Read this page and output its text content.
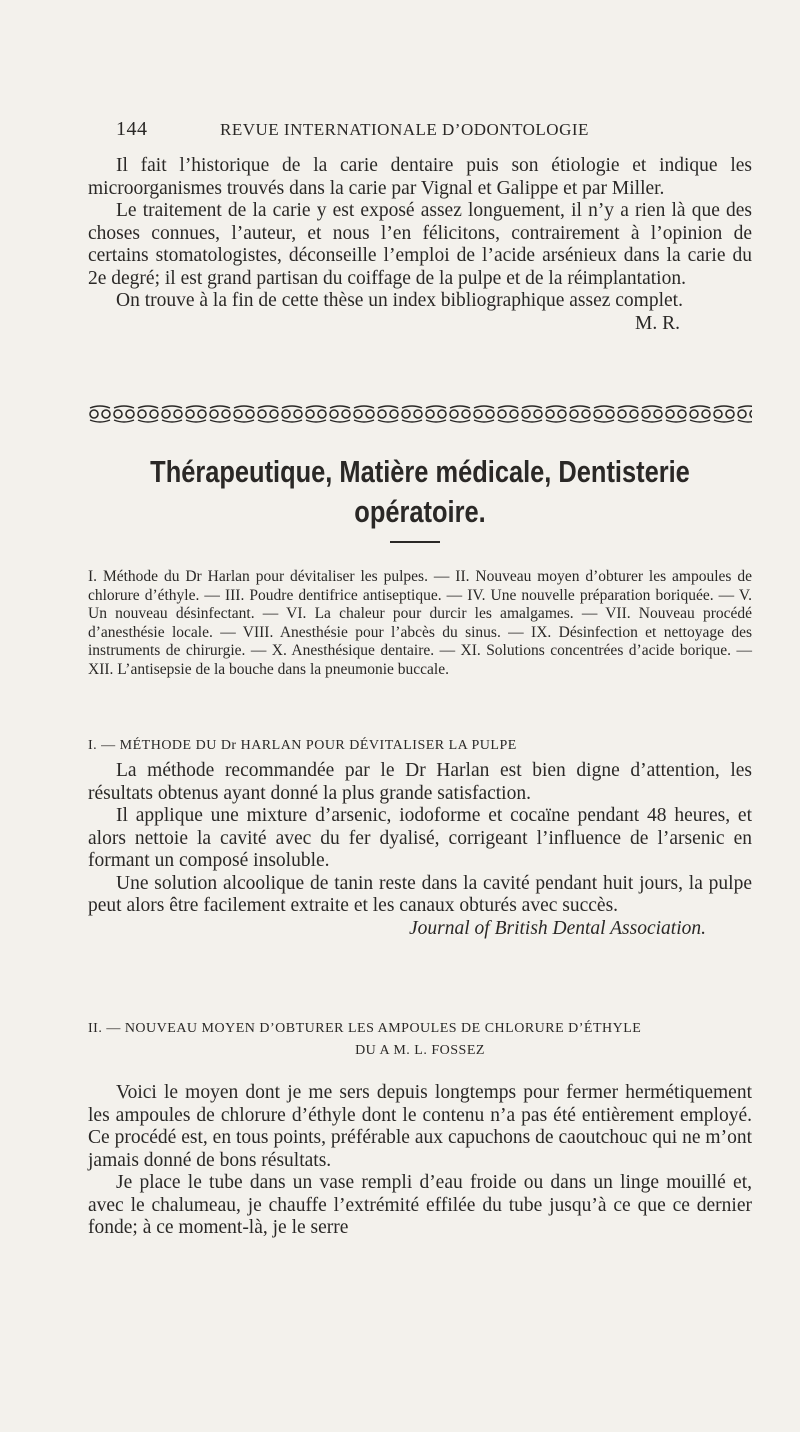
144	REVUE INTERNATIONALE D’ODONTOLOGIE

Il fait l’historique de la carie dentaire puis son étiologie et indique les microorganismes trouvés dans la carie par Vignal et Galippe et par Miller.

Le traitement de la carie y est exposé assez longuement, il n’y a rien là que des choses connues, l’auteur, et nous l’en félicitons, contrairement à l’opinion de certains stomatologistes, déconseille l’emploi de l’acide arsénieux dans la carie du 2e degré; il est grand partisan du coiffage de la pulpe et de la réimplantation.

On trouve à la fin de cette thèse un index bibliographique assez complet.

M. R.
Thérapeutique, Matière médicale, Dentisterie
opératoire.

I. Méthode du Dr Harlan pour dévitaliser les pulpes. — II. Nouveau moyen d’obturer les ampoules de chlorure d’éthyle. — III. Poudre dentifrice antiseptique. — IV. Une nouvelle préparation boriquée. — V. Un nouveau désinfectant. — VI. La chaleur pour durcir les amalgames. — VII. Nouveau procédé d’anesthésie locale. — VIII. Anesthésie pour l’abcès du sinus. — IX. Désinfection et nettoyage des instruments de chirurgie. — X. Anesthésique dentaire. — XI. Solutions concentrées d’acide borique. — XII. L’antisepsie de la bouche dans la pneumonie buccale.

I. — MÉTHODE DU Dr HARLAN POUR DÉVITALISER LA PULPE

La méthode recommandée par le Dr Harlan est bien digne d’attention, les résultats obtenus ayant donné la plus grande satisfaction.

Il applique une mixture d’arsenic, iodoforme et cocaïne pendant 48 heures, et alors nettoie la cavité avec du fer dyalisé, corrigeant l’influence de l’arsenic en formant un composé insoluble.

Une solution alcoolique de tanin reste dans la cavité pendant huit jours, la pulpe peut alors être facilement extraite et les canaux obturés avec succès.

Journal of British Dental Association.
II. — NOUVEAU MOYEN D’OBTURER LES AMPOULES DE CHLORURE D’ÉTHYLE
DU A M. L. FOSSEZ

Voici le moyen dont je me sers depuis longtemps pour fermer hermétiquement les ampoules de chlorure d’éthyle dont le contenu n’a pas été entièrement employé. Ce procédé est, en tous points, préférable aux capuchons de caoutchouc qui ne m’ont jamais donné de bons résultats.

Je place le tube dans un vase rempli d’eau froide ou dans un linge mouillé et, avec le chalumeau, je chauffe l’extrémité effilée du tube jusqu’à ce que ce dernier fonde; à ce moment-là, je le serre
